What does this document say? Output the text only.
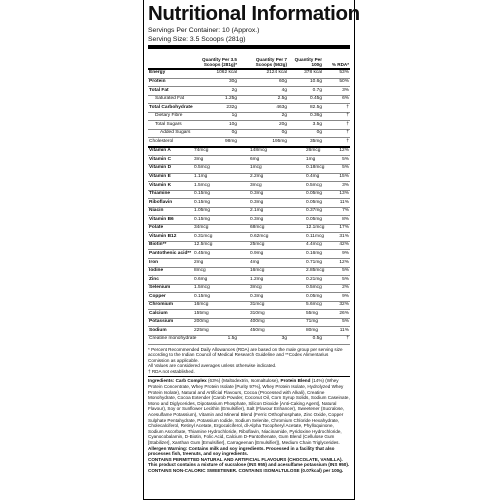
Nutritional Information
Servings Per Container: 10 (Approx.)
Serving Size: 3.5 Scoops (281g)
	Quantity Per 3.5 Scoops (281g)*	Quantity Per 7 Scoops (562g)	Quantity Per 100g	% RDA*
Energy	1062 kcal	2124 kcal	378 kcal	53%
Protein	30g	60g	10.6g	50%
Total Fat	2g	4g	0.7g	3%
Saturated Fat	1.25g	2.5g	0.45g	6%
Total Carbohydrate	232g	463g	82.5g	†
Dietary Fibre	1g	2g	0.36g	†
Total Sugars	10g	20g	3.5g	†
Added Sugars	0g	0g	0g	†
Cholesterol	98mg	195mg	35mg	†
Vitamin A	74mcg	148mcg	26mcg	12%
Vitamin C	3mg	6mg	1mg	5%
Vitamin D	0.5mcg	1mcg	0.18mcg	5%
Vitamin E	1.1mg	2.2mg	0.4mg	15%
Vitamin K	1.5mcg	3mcg	0.5mcg	3%
Thiamine	0.15mg	0.3mg	0.05mg	13%
Riboflavin	0.15mg	0.3mg	0.05mg	11%
Niacin	1.05mg	2.1mg	0.37mg	7%
Vitamin B6	0.15mg	0.3mg	0.05mg	8%
Folate	34mcg	68mcg	12.1mcg	17%
Vitamin B12	0.31mcg	0.62mcg	0.11mcg	31%
Biotin**	12.5mcg	25mcg	4.4mcg	42%
Pantothenic acid**	0.45mg	0.9mg	0.16mg	9%
Iron	2mg	4mg	0.71mg	12%
Iodine	8mcg	16mcg	2.85mcg	5%
Zinc	0.6mg	1.2mg	0.21mg	5%
Selenium	1.5mcg	3mcg	0.5mcg	2%
Copper	0.15mg	0.3mg	0.05mg	9%
Chromium	16mcg	31mcg	5.6mcg	32%
Calcium	155mg	310mg	55mg	26%
Potassium	200mg	400mg	71mg	5%
Sodium	225mg	450mg	80mg	11%
Creatine monohydrate	1.5g	3g	0.5g	†

* Percent Recommended Daily Allowances (RDA) are based on the male group per serving size according to the Indian Council of Medical Research Guideline and **Codex Alimentarius Comission as applicable.

All Values are considered averages unless otherwise indicated.

† RDA not established.

Ingredients: Carb Complex (63%) (Maltodextrin, Isomaltulose), Protein Blend (14%) (Whey Protein Concentrate, Whey Protein Isolate [Purity 97%], Whey Protein Isolate, Hydrolyzed Whey Protein Isolate), Natural and Artificial Flavours, Cocoa (Processed with Alkali), Creatine Monohydrate, Cocoa Extender (Carob Powder, Coconut Oil, Corn Syrup Solids, Sodium Caseinate, Mono and Diglycerides, Dipotassium Phosphate, Silicon Dioxide [Anti-Caking Agent], Natural Flavour), Soy or Sunflower Lecithin (Emulsifier), Salt (Flavour Enhancer), Sweetener (Sucralose, Acesulfame Potassium), Vitamin and Mineral Blend (Ferric Orthophosphate, Zinc Oxide, Copper Sulphate Pentahydrate, Potassium Iodide, Sodium Selenite, Chromium Chloride Hexahydrate, Cholecalciferol, Retinyl Acetate, Ergocalciferol, dl-Alpha Tocopheryl Acetate, Phylloquinone, Sodium Ascorbate, Thiamine Hydrochloride, Riboflavin, Niacinamide, Pyridoxine Hydrochloride, Cyanocobalamin, D-Biotin, Folic Acid, Calcium D-Pantothenate, Gum Blend (Cellulose Gum [Stabilizer], Xanthan Gum [Emulsifier], Carrageenan [Emulsifier]), Medium Chain Triglycerides.
Allergen Warning: Contains milk and soy ingredients. Processed in a facility that also processes fish, treenuts, and soy ingredients.
CONTAINS PERMITTED NATURAL AND ARTIFICIAL FLAVOURS (CHOCOLATE, VANILLA). This product contains a mixture of sucralose (INS 955) and acesulfame potassium (INS 950). CONTAINS NON-CALORIC SWEETENER. CONTAINS ISOMALTULOSE (0.07kcal) per 100g.
